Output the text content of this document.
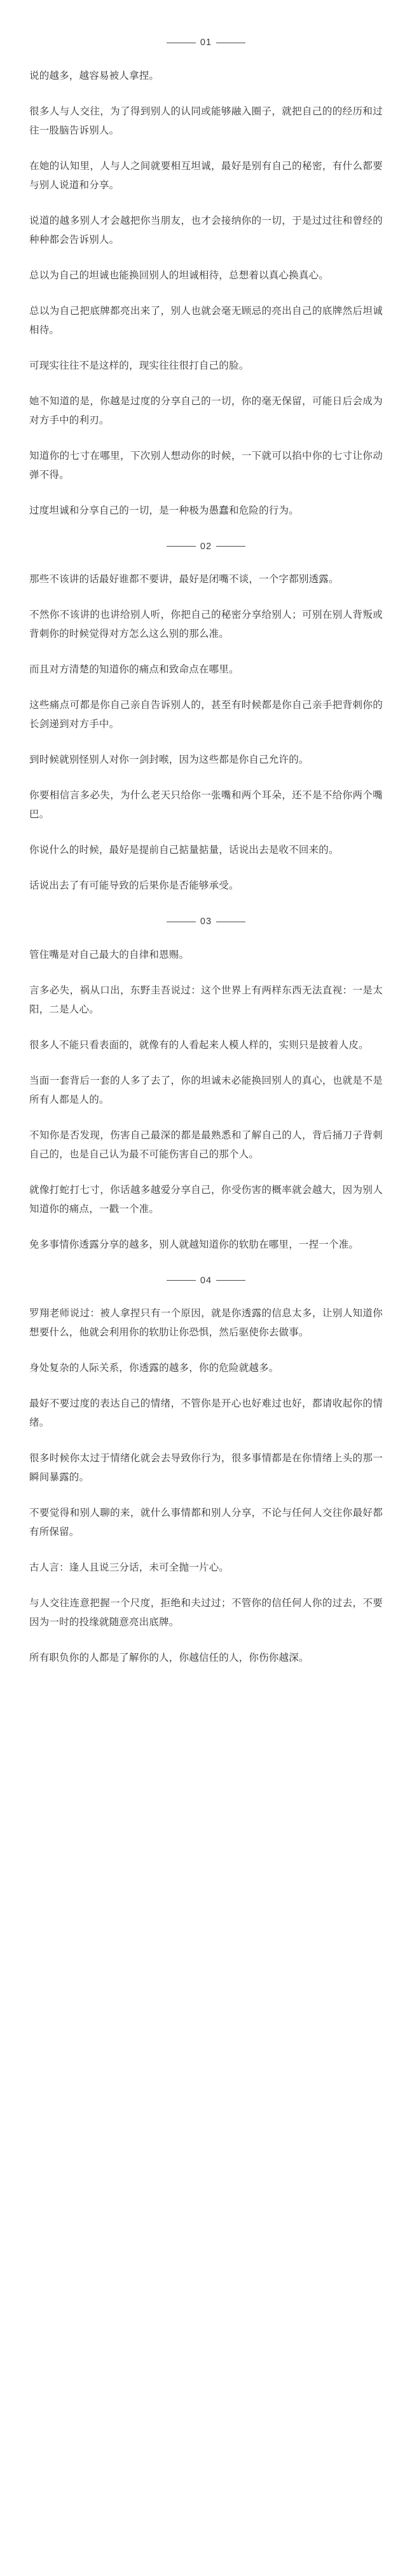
01

说的越多，越容易被人拿捏。

很多人与人交往，为了得到别人的认同或能够融入圈子，就把自己的的经历和过往一股脑告诉别人。

在她的认知里，人与人之间就要相互坦诚，最好是别有自己的秘密，有什么都要与别人说道和分享。

说道的越多别人才会越把你当朋友，也才会接纳你的一切，于是过过往和曾经的种种都会告诉别人。

总以为自己的坦诚也能换回别人的坦诚相待，总想着以真心换真心。

总以为自己把底牌都亮出来了，别人也就会毫无顾忌的亮出自己的底牌然后坦诚相待。

可现实往往不是这样的，现实往往很打自己的脸。

她不知道的是，你越是过度的分享自己的一切，你的毫无保留，可能日后会成为对方手中的利刃。

知道你的七寸在哪里，下次别人想动你的时候，一下就可以掐中你的七寸让你动弹不得。

过度坦诚和分享自己的一切，是一种极为愚蠢和危险的行为。

02

那些不该讲的话最好谁都不要讲，最好是闭嘴不谈，一个字都别透露。

不然你不该讲的也讲给别人听，你把自己的秘密分享给别人；可别在别人背叛或背刺你的时候觉得对方怎么这么别的那么准。

而且对方清楚的知道你的痛点和致命点在哪里。

这些痛点可都是你自己亲自告诉别人的，甚至有时候都是你自己亲手把背刺你的长剑递到对方手中。

到时候就别怪别人对你一剑封喉，因为这些都是你自己允许的。

你要相信言多必失，为什么老天只给你一张嘴和两个耳朵，还不是不给你两个嘴巴。

你说什么的时候，最好是提前自己掂量掂量，话说出去是收不回来的。

话说出去了有可能导致的后果你是否能够承受。

03

管住嘴是对自己最大的自律和恩赐。

言多必失，祸从口出，东野圭吾说过：这个世界上有两样东西无法直视：一是太阳，二是人心。

很多人不能只看表面的，就像有的人看起来人模人样的，实则只是披着人皮。

当面一套背后一套的人多了去了，你的坦诚未必能换回别人的真心，也就是不是所有人都是人的。

不知你是否发现，伤害自己最深的都是最熟悉和了解自己的人，背后捅刀子背刺自己的，也是自己认为最不可能伤害自己的那个人。

就像打蛇打七寸，你话越多越爱分享自己，你受伤害的概率就会越大，因为别人知道你的痛点，一戳一个准。

免多事情你透露分享的越多，别人就越知道你的软肋在哪里，一捏一个准。

04

罗翔老师说过：被人拿捏只有一个原因，就是你透露的信息太多，让别人知道你想要什么，他就会利用你的软肋让你恐惧，然后驱使你去做事。

身处复杂的人际关系，你透露的越多，你的危险就越多。

最好不要过度的表达自己的情绪，不管你是开心也好难过也好，都请收起你的情绪。

很多时候你太过于情绪化就会去导致你行为，很多事情都是在你情绪上头的那一瞬间暴露的。

不要觉得和别人聊的来，就什么事情都和别人分享，不论与任何人交往你最好都有所保留。

古人言：逢人且说三分话，未可全抛一片心。

与人交往连意把握一个尺度，拒绝和夫过过；不管你的信任何人你的过去，不要因为一时的投缘就随意亮出底牌。

所有职负你的人都是了解你的人，你越信任的人，你伤你越深。
